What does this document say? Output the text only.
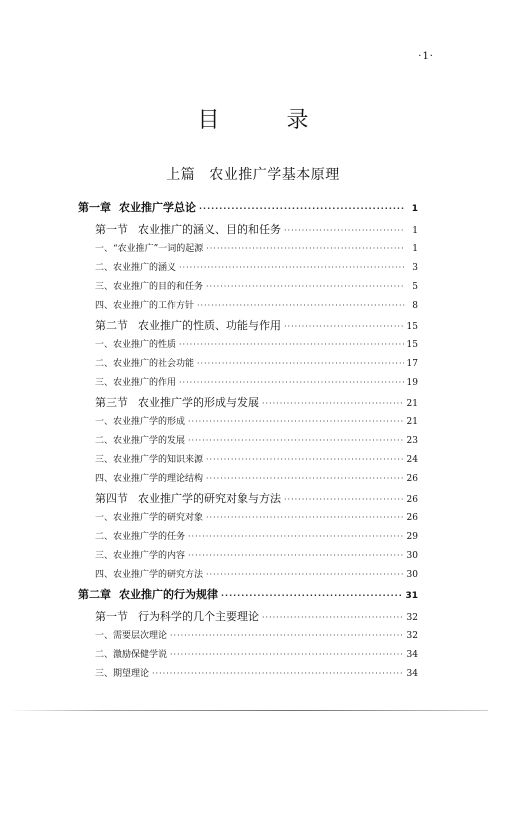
·1·
目 录
上篇 农业推广学基本原理
第一章 农业推广学总论 ·····	1
第一节 农业推广的涵义、目的和任务 ·····	1
一、“农业推广”一词的起源 ·····	1
二、农业推广的涵义 ·····	3
三、农业推广的目的和任务 ·····	5
四、农业推广的工作方针 ·····	8
第二节 农业推广的性质、功能与作用 ·····	15
一、农业推广的性质 ·····	15
二、农业推广的社会功能 ·····	17
三、农业推广的作用 ·····	19
第三节 农业推广学的形成与发展 ·····	21
一、农业推广学的形成 ·····	21
二、农业推广学的发展 ·····	23
三、农业推广学的知识来源 ·····	24
四、农业推广学的理论结构 ·····	26
第四节 农业推广学的研究对象与方法 ·····	26
一、农业推广学的研究对象 ·····	26
二、农业推广学的任务 ·····	29
三、农业推广学的内容 ·····	30
四、农业推广学的研究方法 ·····	30
第二章 农业推广的行为规律 ·····	31
第一节 行为科学的几个主要理论 ·····	32
一、需要层次理论 ·····	32
二、激励保健学说 ·····	34
三、期望理论 ·····	34
